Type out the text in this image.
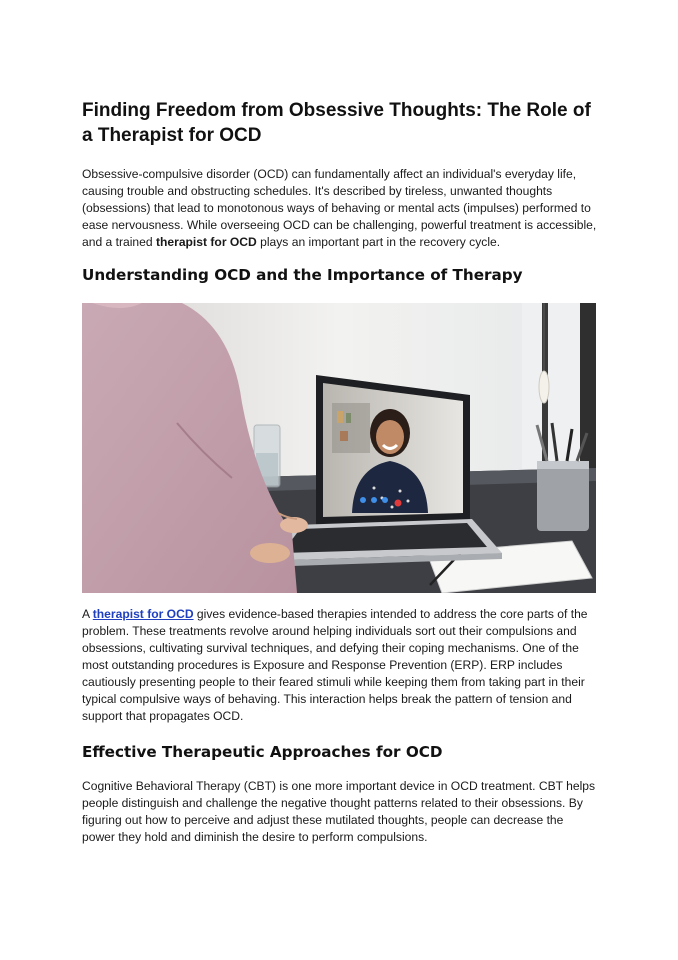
Finding Freedom from Obsessive Thoughts: The Role of a Therapist for OCD

Obsessive-compulsive disorder (OCD) can fundamentally affect an individual's everyday life, causing trouble and obstructing schedules. It's described by tireless, unwanted thoughts (obsessions) that lead to monotonous ways of behaving or mental acts (impulses) performed to ease nervousness. While overseeing OCD can be challenging, powerful treatment is accessible, and a trained therapist for OCD plays an important part in the recovery cycle.

Understanding OCD and the Importance of Therapy

A therapist for OCD gives evidence-based therapies intended to address the core parts of the problem. These treatments revolve around helping individuals sort out their compulsions and obsessions, cultivating survival techniques, and defying their coping mechanisms. One of the most outstanding procedures is Exposure and Response Prevention (ERP). ERP includes cautiously presenting people to their feared stimuli while keeping them from taking part in their typical compulsive ways of behaving. This interaction helps break the pattern of tension and support that propagates OCD.

Effective Therapeutic Approaches for OCD

Cognitive Behavioral Therapy (CBT) is one more important device in OCD treatment. CBT helps people distinguish and challenge the negative thought patterns related to their obsessions. By figuring out how to perceive and adjust these mutilated thoughts, people can decrease the power they hold and diminish the desire to perform compulsions.
